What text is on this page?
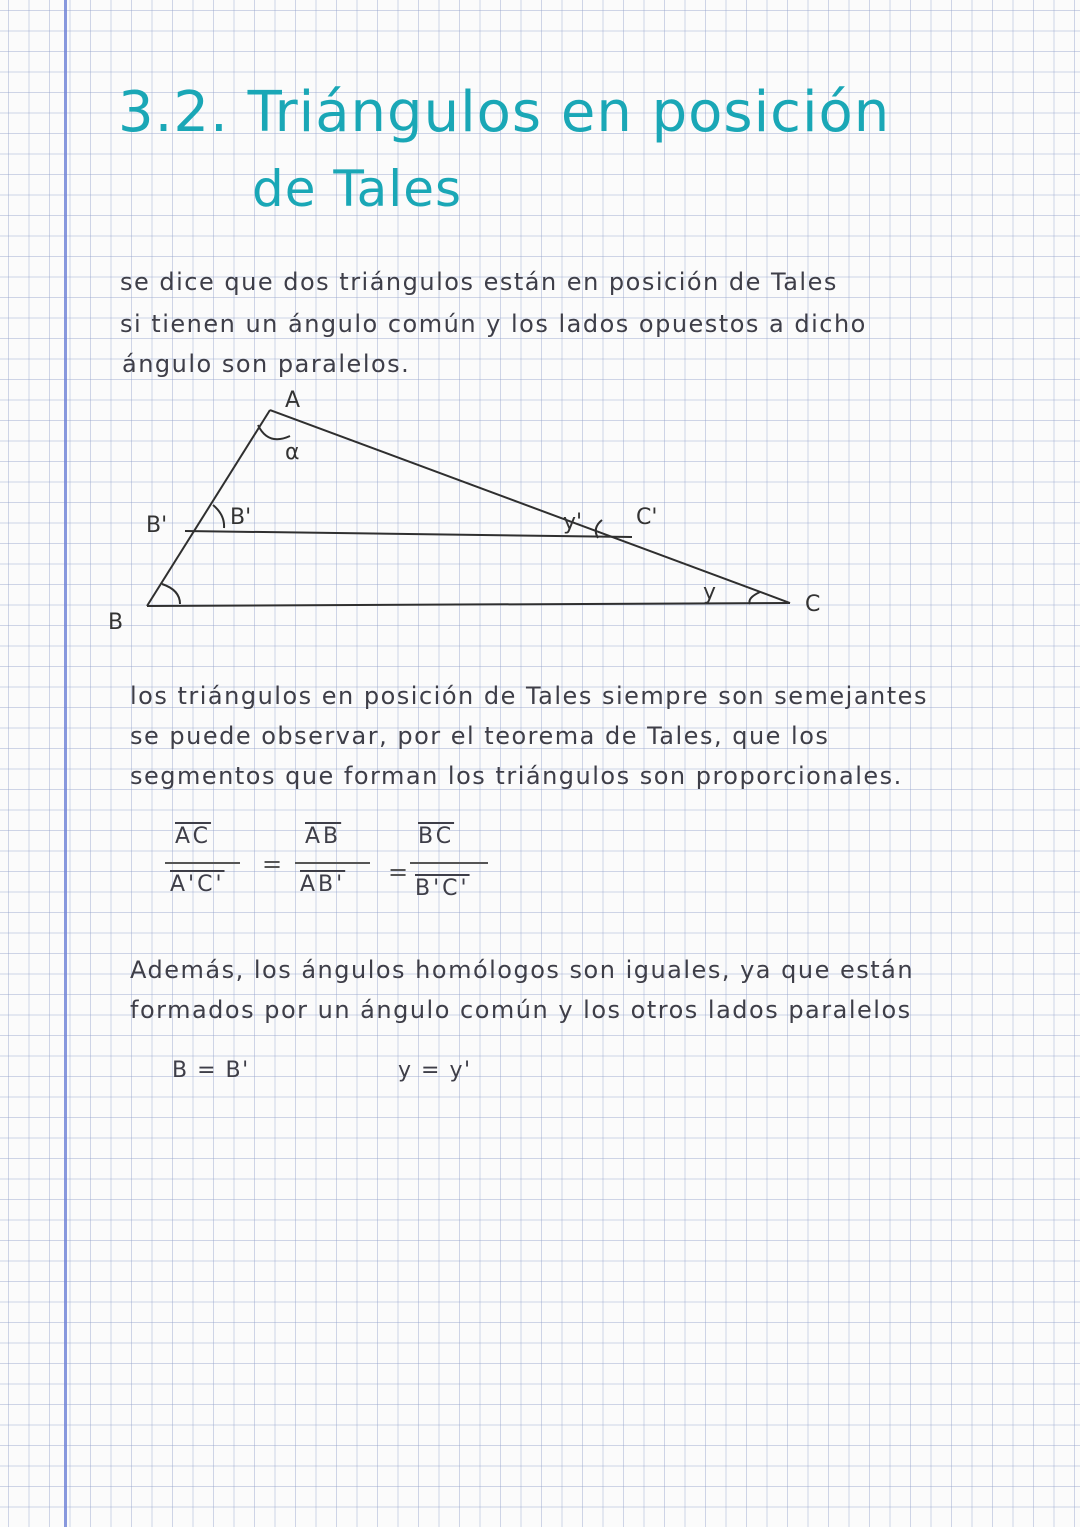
3.2. Triángulos en posición
de Tales
se dice que dos triángulos están en posición de Tales
si tienen un ángulo común y los lados opuestos a dicho
ángulo son paralelos.
A
α
B'	B'
B
y' C'
y	C
los triángulos en posición de Tales siempre son semejantes
se puede observar, por el teorema de Tales, que los
segmentos que forman los triángulos son proporcionales.
$\overline{AC}$
A'C'
=
$\overline{AB}$
AB' =
$\overline{BC}$
B'C'
Además, los ángulos homólogos son iguales, ya que están
formados por un ángulo común y los otros lados paralelos
B = B'	y = y'
